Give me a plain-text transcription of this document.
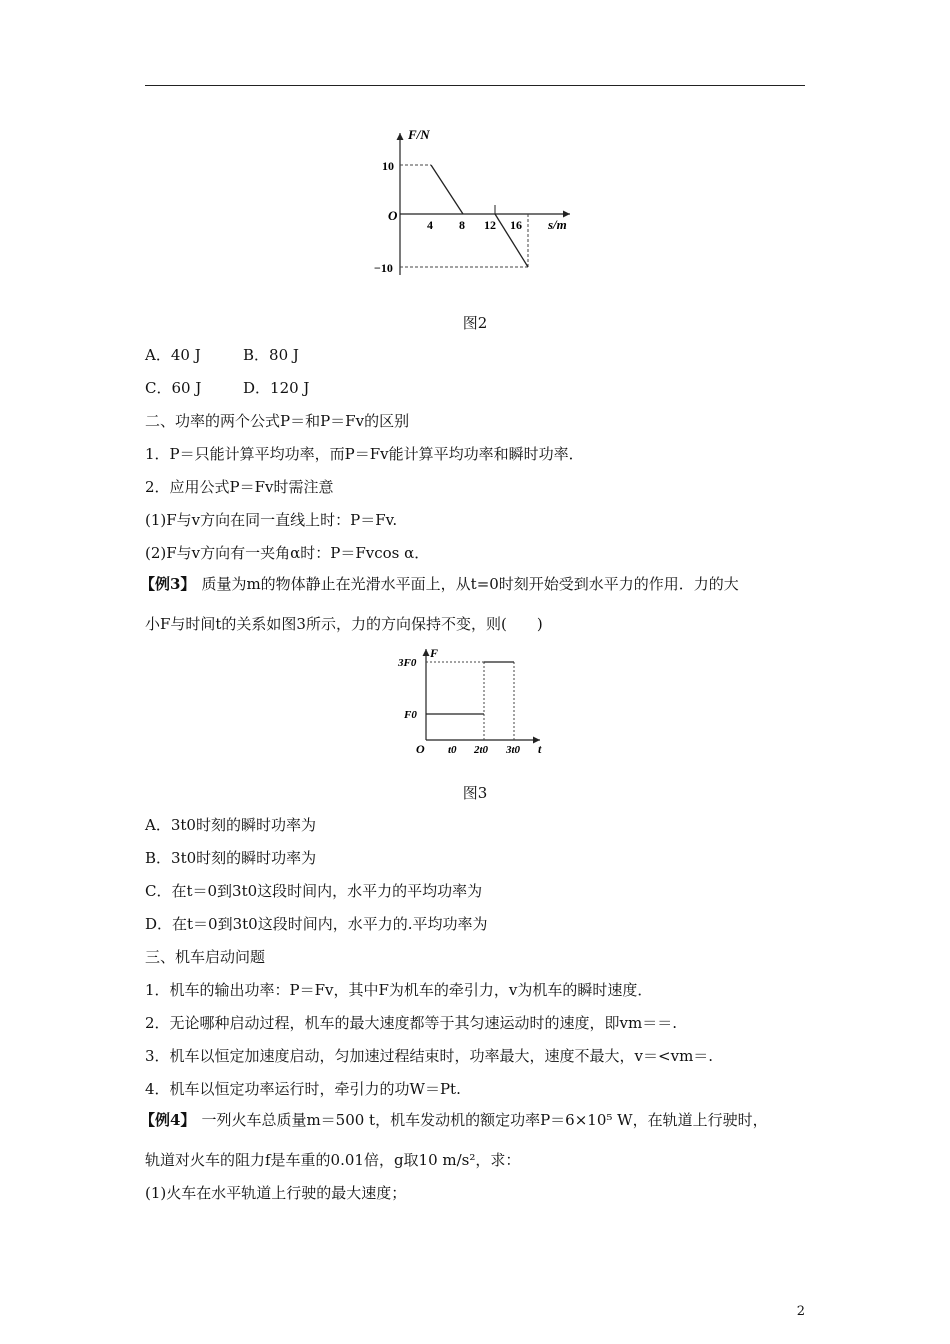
F/N
s/m
O
10
−10
4 8 12 16
图2
A．40 J	B．80 J
C．60 J	D．120 J
二、功率的两个公式P＝和P＝Fv的区别
1．P＝只能计算平均功率，而P＝Fv能计算平均功率和瞬时功率．
2．应用公式P＝Fv时需注意
(1)F与v方向在同一直线上时：P＝Fv.
(2)F与v方向有一夹角α时：P＝Fvcos α．
【例3】 质量为m的物体静止在光滑水平面上，从t=0时刻开始受到水平力的作用．力的大
小F与时间t的关系如图3所示，力的方向保持不变，则(　　)
F
t
O
3F0
F0
t0 2t0 3t0
图3
A．3t0时刻的瞬时功率为
B．3t0时刻的瞬时功率为
C．在t＝0到3t0这段时间内，水平力的平均功率为
D．在t＝0到3t0这段时间内，水平力的.平均功率为
三、机车启动问题
1．机车的输出功率：P＝Fv，其中F为机车的牵引力，v为机车的瞬时速度．
2．无论哪种启动过程，机车的最大速度都等于其匀速运动时的速度，即vm＝＝.
3．机车以恒定加速度启动，匀加速过程结束时，功率最大，速度不最大，v＝<vm＝.
4．机车以恒定功率运行时，牵引力的功W＝Pt.
【例4】 一列火车总质量m＝500 t，机车发动机的额定功率P＝6×10⁵ W，在轨道上行驶时，
轨道对火车的阻力f是车重的0.01倍，g取10 m/s²，求：
(1)火车在水平轨道上行驶的最大速度；
2
